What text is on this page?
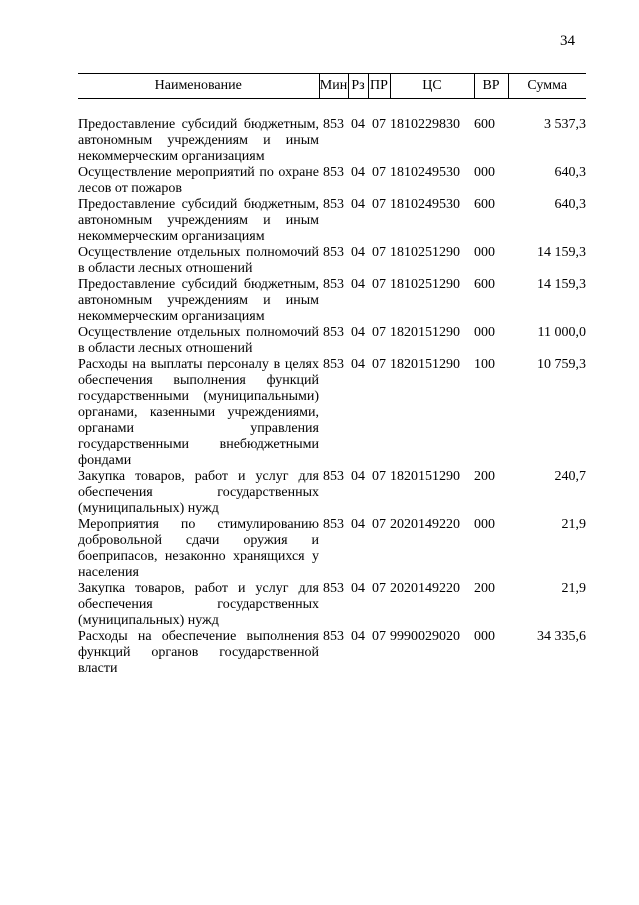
34
Наименование	Мин	Рз	ПР	ЦС	ВР	Сумма

Предоставление субсидий бюджетным, автономным учреждениям и иным некоммерческим организациям	853	04	07	1810229830	600	3 537,3
Осуществление мероприятий по охране лесов от пожаров	853	04	07	1810249530	000	640,3
Предоставление субсидий бюджетным, автономным учреждениям и иным некоммерческим организациям	853	04	07	1810249530	600	640,3
Осуществление отдельных полномочий в области лесных отношений	853	04	07	1810251290	000	14 159,3
Предоставление субсидий бюджетным, автономным учреждениям и иным некоммерческим организациям	853	04	07	1810251290	600	14 159,3
Осуществление отдельных полномочий в области лесных отношений	853	04	07	1820151290	000	11 000,0
Расходы на выплаты персоналу в целях обеспечения выполнения функций государственными (муниципальными) органами, казенными учреждениями, органами управления государственными внебюджетными фондами	853	04	07	1820151290	100	10 759,3
Закупка товаров, работ и услуг для обеспечения государственных (муниципальных) нужд	853	04	07	1820151290	200	240,7
Мероприятия по стимулированию добровольной сдачи оружия и боеприпасов, незаконно хранящихся у населения	853	04	07	2020149220	000	21,9
Закупка товаров, работ и услуг для обеспечения государственных (муниципальных) нужд	853	04	07	2020149220	200	21,9
Расходы на обеспечение выполнения функций органов государственной власти	853	04	07	9990029020	000	34 335,6
